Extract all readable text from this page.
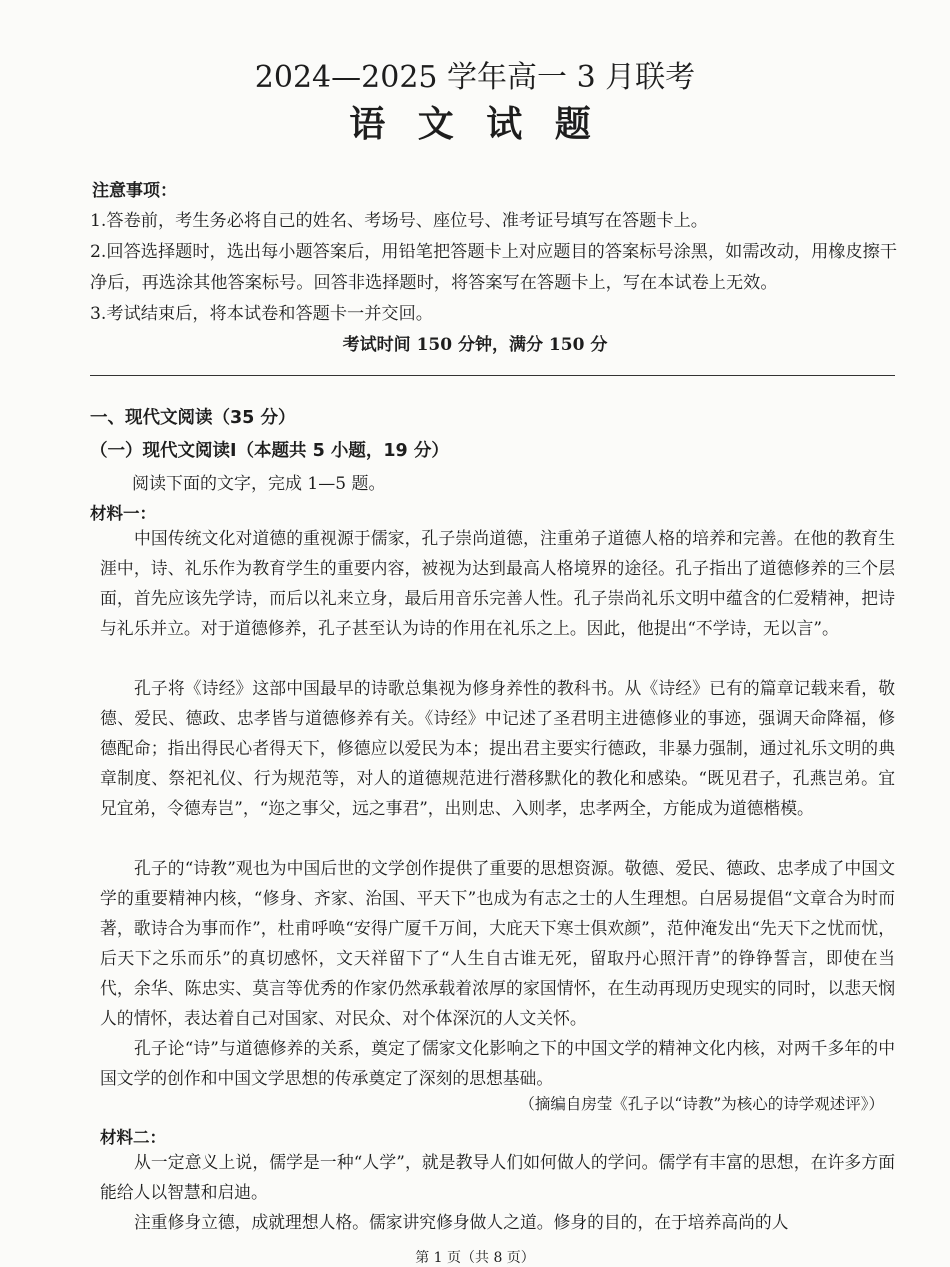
2024—2025 学年高一 3 月联考
语 文 试 题
注意事项：
1.答卷前，考生务必将自己的姓名、考场号、座位号、准考证号填写在答题卡上。
2.回答选择题时，选出每小题答案后，用铅笔把答题卡上对应题目的答案标号涂黑，如需改动，用橡皮擦干净后，再选涂其他答案标号。回答非选择题时，将答案写在答题卡上，写在本试卷上无效。
3.考试结束后，将本试卷和答题卡一并交回。
考试时间 150 分钟，满分 150 分
一、现代文阅读（35 分）
（一）现代文阅读Ⅰ（本题共 5 小题，19 分）
阅读下面的文字，完成 1—5 题。
材料一：

中国传统文化对道德的重视源于儒家，孔子崇尚道德，注重弟子道德人格的培养和完善。在他的教育生涯中，诗、礼乐作为教育学生的重要内容，被视为达到最高人格境界的途径。孔子指出了道德修养的三个层面，首先应该先学诗，而后以礼来立身，最后用音乐完善人性。孔子崇尚礼乐文明中蕴含的仁爱精神，把诗与礼乐并立。对于道德修养，孔子甚至认为诗的作用在礼乐之上。因此，他提出“不学诗，无以言”。

孔子将《诗经》这部中国最早的诗歌总集视为修身养性的教科书。从《诗经》已有的篇章记载来看，敬德、爱民、德政、忠孝皆与道德修养有关。《诗经》中记述了圣君明主进德修业的事迹，强调天命降福，修德配命；指出得民心者得天下，修德应以爱民为本；提出君主要实行德政，非暴力强制，通过礼乐文明的典章制度、祭祀礼仪、行为规范等，对人的道德规范进行潜移默化的教化和感染。“既见君子，孔燕岂弟。宜兄宜弟，令德寿岂”，“迩之事父，远之事君”，出则忠、入则孝，忠孝两全，方能成为道德楷模。

孔子的“诗教”观也为中国后世的文学创作提供了重要的思想资源。敬德、爱民、德政、忠孝成了中国文学的重要精神内核，“修身、齐家、治国、平天下”也成为有志之士的人生理想。白居易提倡“文章合为时而著，歌诗合为事而作”，杜甫呼唤“安得广厦千万间，大庇天下寒士俱欢颜”，范仲淹发出“先天下之忧而忧，后天下之乐而乐”的真切感怀，文天祥留下了“人生自古谁无死，留取丹心照汗青”的铮铮誓言，即使在当代，余华、陈忠实、莫言等优秀的作家仍然承载着浓厚的家国情怀，在生动再现历史现实的同时，以悲天悯人的情怀，表达着自己对国家、对民众、对个体深沉的人文关怀。

孔子论“诗”与道德修养的关系，奠定了儒家文化影响之下的中国文学的精神文化内核，对两千多年的中国文学的创作和中国文学思想的传承奠定了深刻的思想基础。

（摘编自房莹《孔子以“诗教”为核心的诗学观述评》）
材料二：

从一定意义上说，儒学是一种“人学”，就是教导人们如何做人的学问。儒学有丰富的思想，在许多方面能给人以智慧和启迪。

注重修身立德，成就理想人格。儒家讲究修身做人之道。修身的目的，在于培养高尚的人

第 1 页（共 8 页）
